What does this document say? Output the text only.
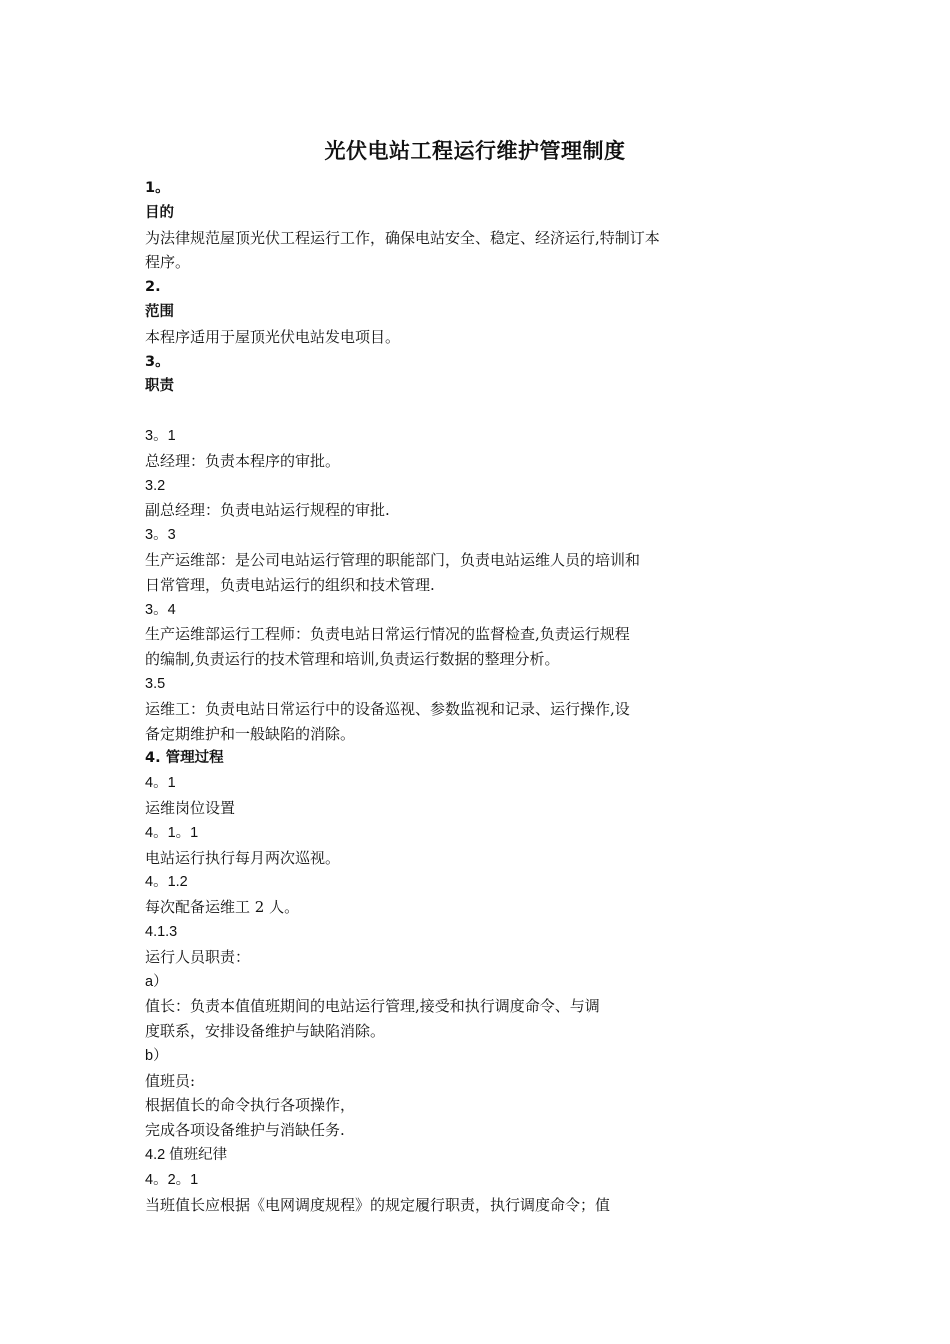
光伏电站工程运行维护管理制度
1。
目的
为法律规范屋顶光伏工程运行工作，确保电站安全、稳定、经济运行,特制订本
程序。
2.
范围
本程序适用于屋顶光伏电站发电项目。
3。
职责
3。1
总经理：负责本程序的审批。
3.2
副总经理：负责电站运行规程的审批.
3。3
生产运维部：是公司电站运行管理的职能部门，负责电站运维人员的培训和
日常管理，负责电站运行的组织和技术管理.
3。4
生产运维部运行工程师：负责电站日常运行情况的监督检查,负责运行规程
的编制,负责运行的技术管理和培训,负责运行数据的整理分析。
3.5
运维工：负责电站日常运行中的设备巡视、参数监视和记录、运行操作,设
备定期维护和一般缺陷的消除。
4. 管理过程
4。1
运维岗位设置
4。1。1
电站运行执行每月两次巡视。
4。1.2
每次配备运维工 2 人。
4.1.3
运行人员职责：
a）
值长：负责本值值班期间的电站运行管理,接受和执行调度命令、与调
度联系，安排设备维护与缺陷消除。
b）
值班员:
根据值长的命令执行各项操作，
完成各项设备维护与消缺任务.
4.2 值班纪律
4。2。1
当班值长应根据《电网调度规程》的规定履行职责，执行调度命令；值
